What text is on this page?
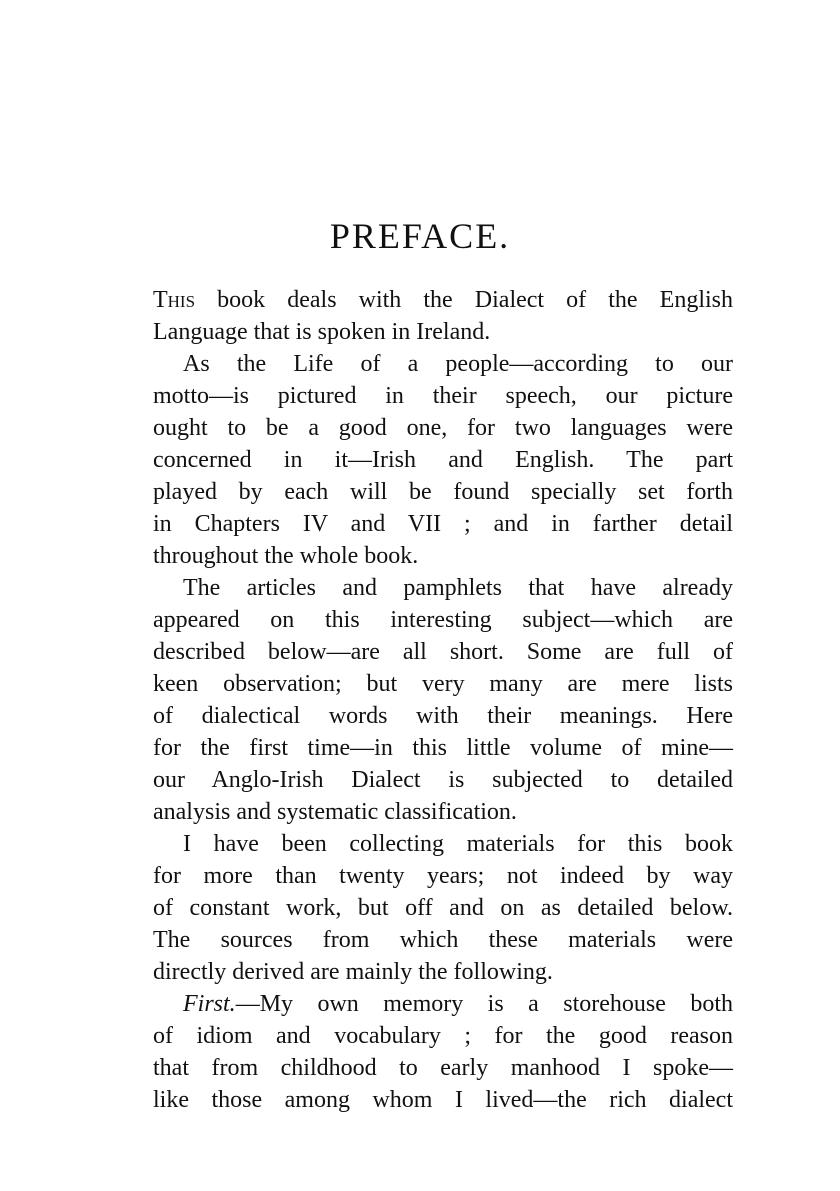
PREFACE.
This book deals with the Dialect of the English
Language that is spoken in Ireland.
As the Life of a people—according to our
motto—is pictured in their speech, our picture
ought to be a good one, for two languages were
concerned in it—Irish and English. The part
played by each will be found specially set forth
in Chapters IV and VII ; and in farther detail
throughout the whole book.
The articles and pamphlets that have already
appeared on this interesting subject—which are
described below—are all short. Some are full of
keen observation; but very many are mere lists
of dialectical words with their meanings. Here
for the first time—in this little volume of mine—
our Anglo-Irish Dialect is subjected to detailed
analysis and systematic classification.
I have been collecting materials for this book
for more than twenty years; not indeed by way
of constant work, but off and on as detailed below.
The sources from which these materials were
directly derived are mainly the following.
First.—My own memory is a storehouse both
of idiom and vocabulary ; for the good reason
that from childhood to early manhood I spoke—
like those among whom I lived—the rich dialect
